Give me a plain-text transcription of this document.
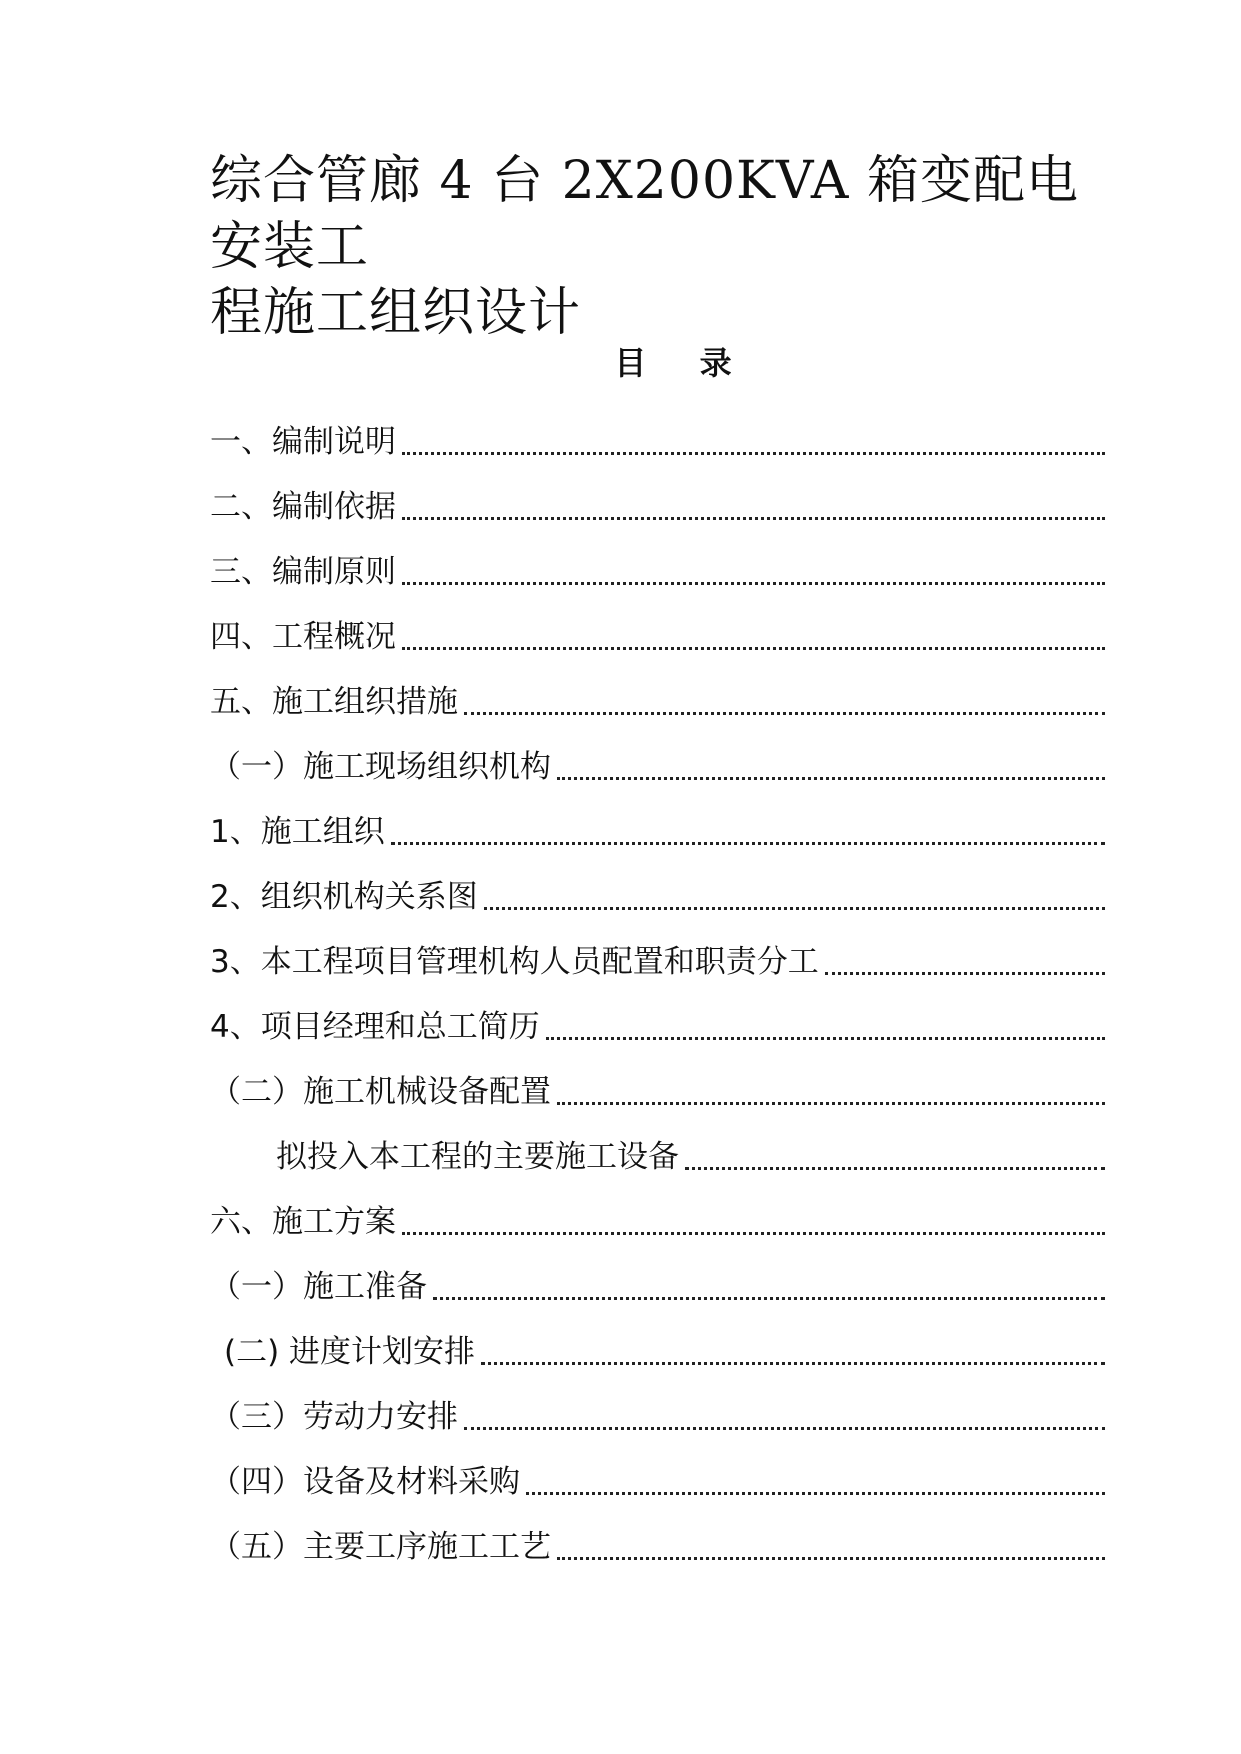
综合管廊 4 台 2X200KVA 箱变配电安装工
程施工组织设计
目 录
一、编制说明
二、编制依据
三、编制原则
四、工程概况
五、施工组织措施
（一）施工现场组织机构
1、施工组织
2、组织机构关系图
3、本工程项目管理机构人员配置和职责分工
4、项目经理和总工简历
（二）施工机械设备配置
拟投入本工程的主要施工设备
六、施工方案
（一）施工准备
(二) 进度计划安排
（三）劳动力安排
（四）设备及材料采购
（五）主要工序施工工艺
